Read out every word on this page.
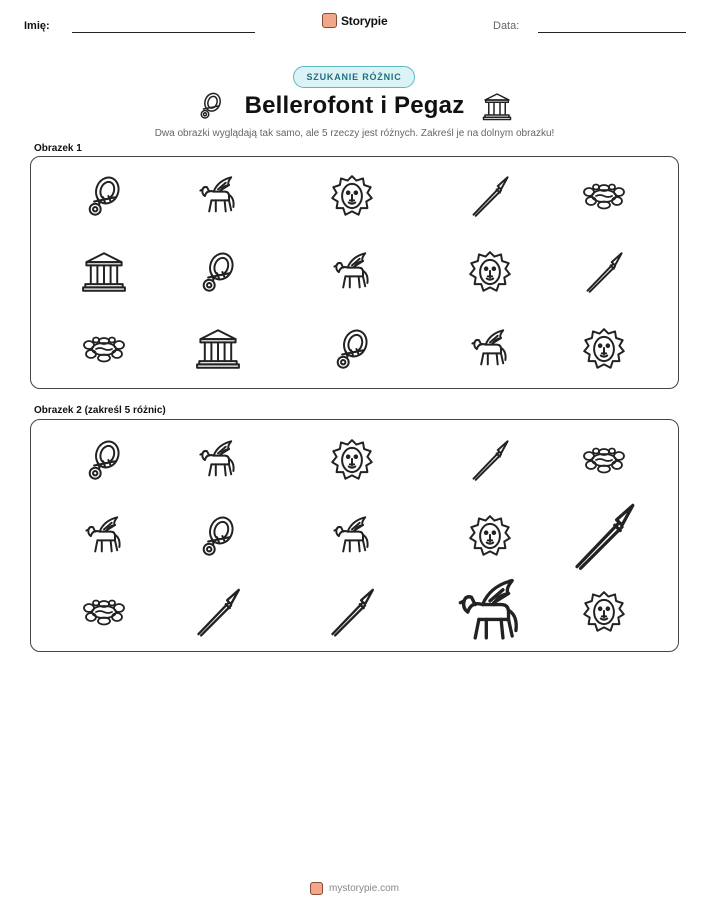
Imię:	Storypie	Data:
SZUKANIE RÓŻNIC
Bellerofont i Pegaz
Dwa obrazki wyglądają tak samo, ale 5 rzeczy jest różnych. Zakreśl je na dolnym obrazku!
Obrazek 1
Obrazek 2 (zakreśl 5 różnic)
mystorypie.com
